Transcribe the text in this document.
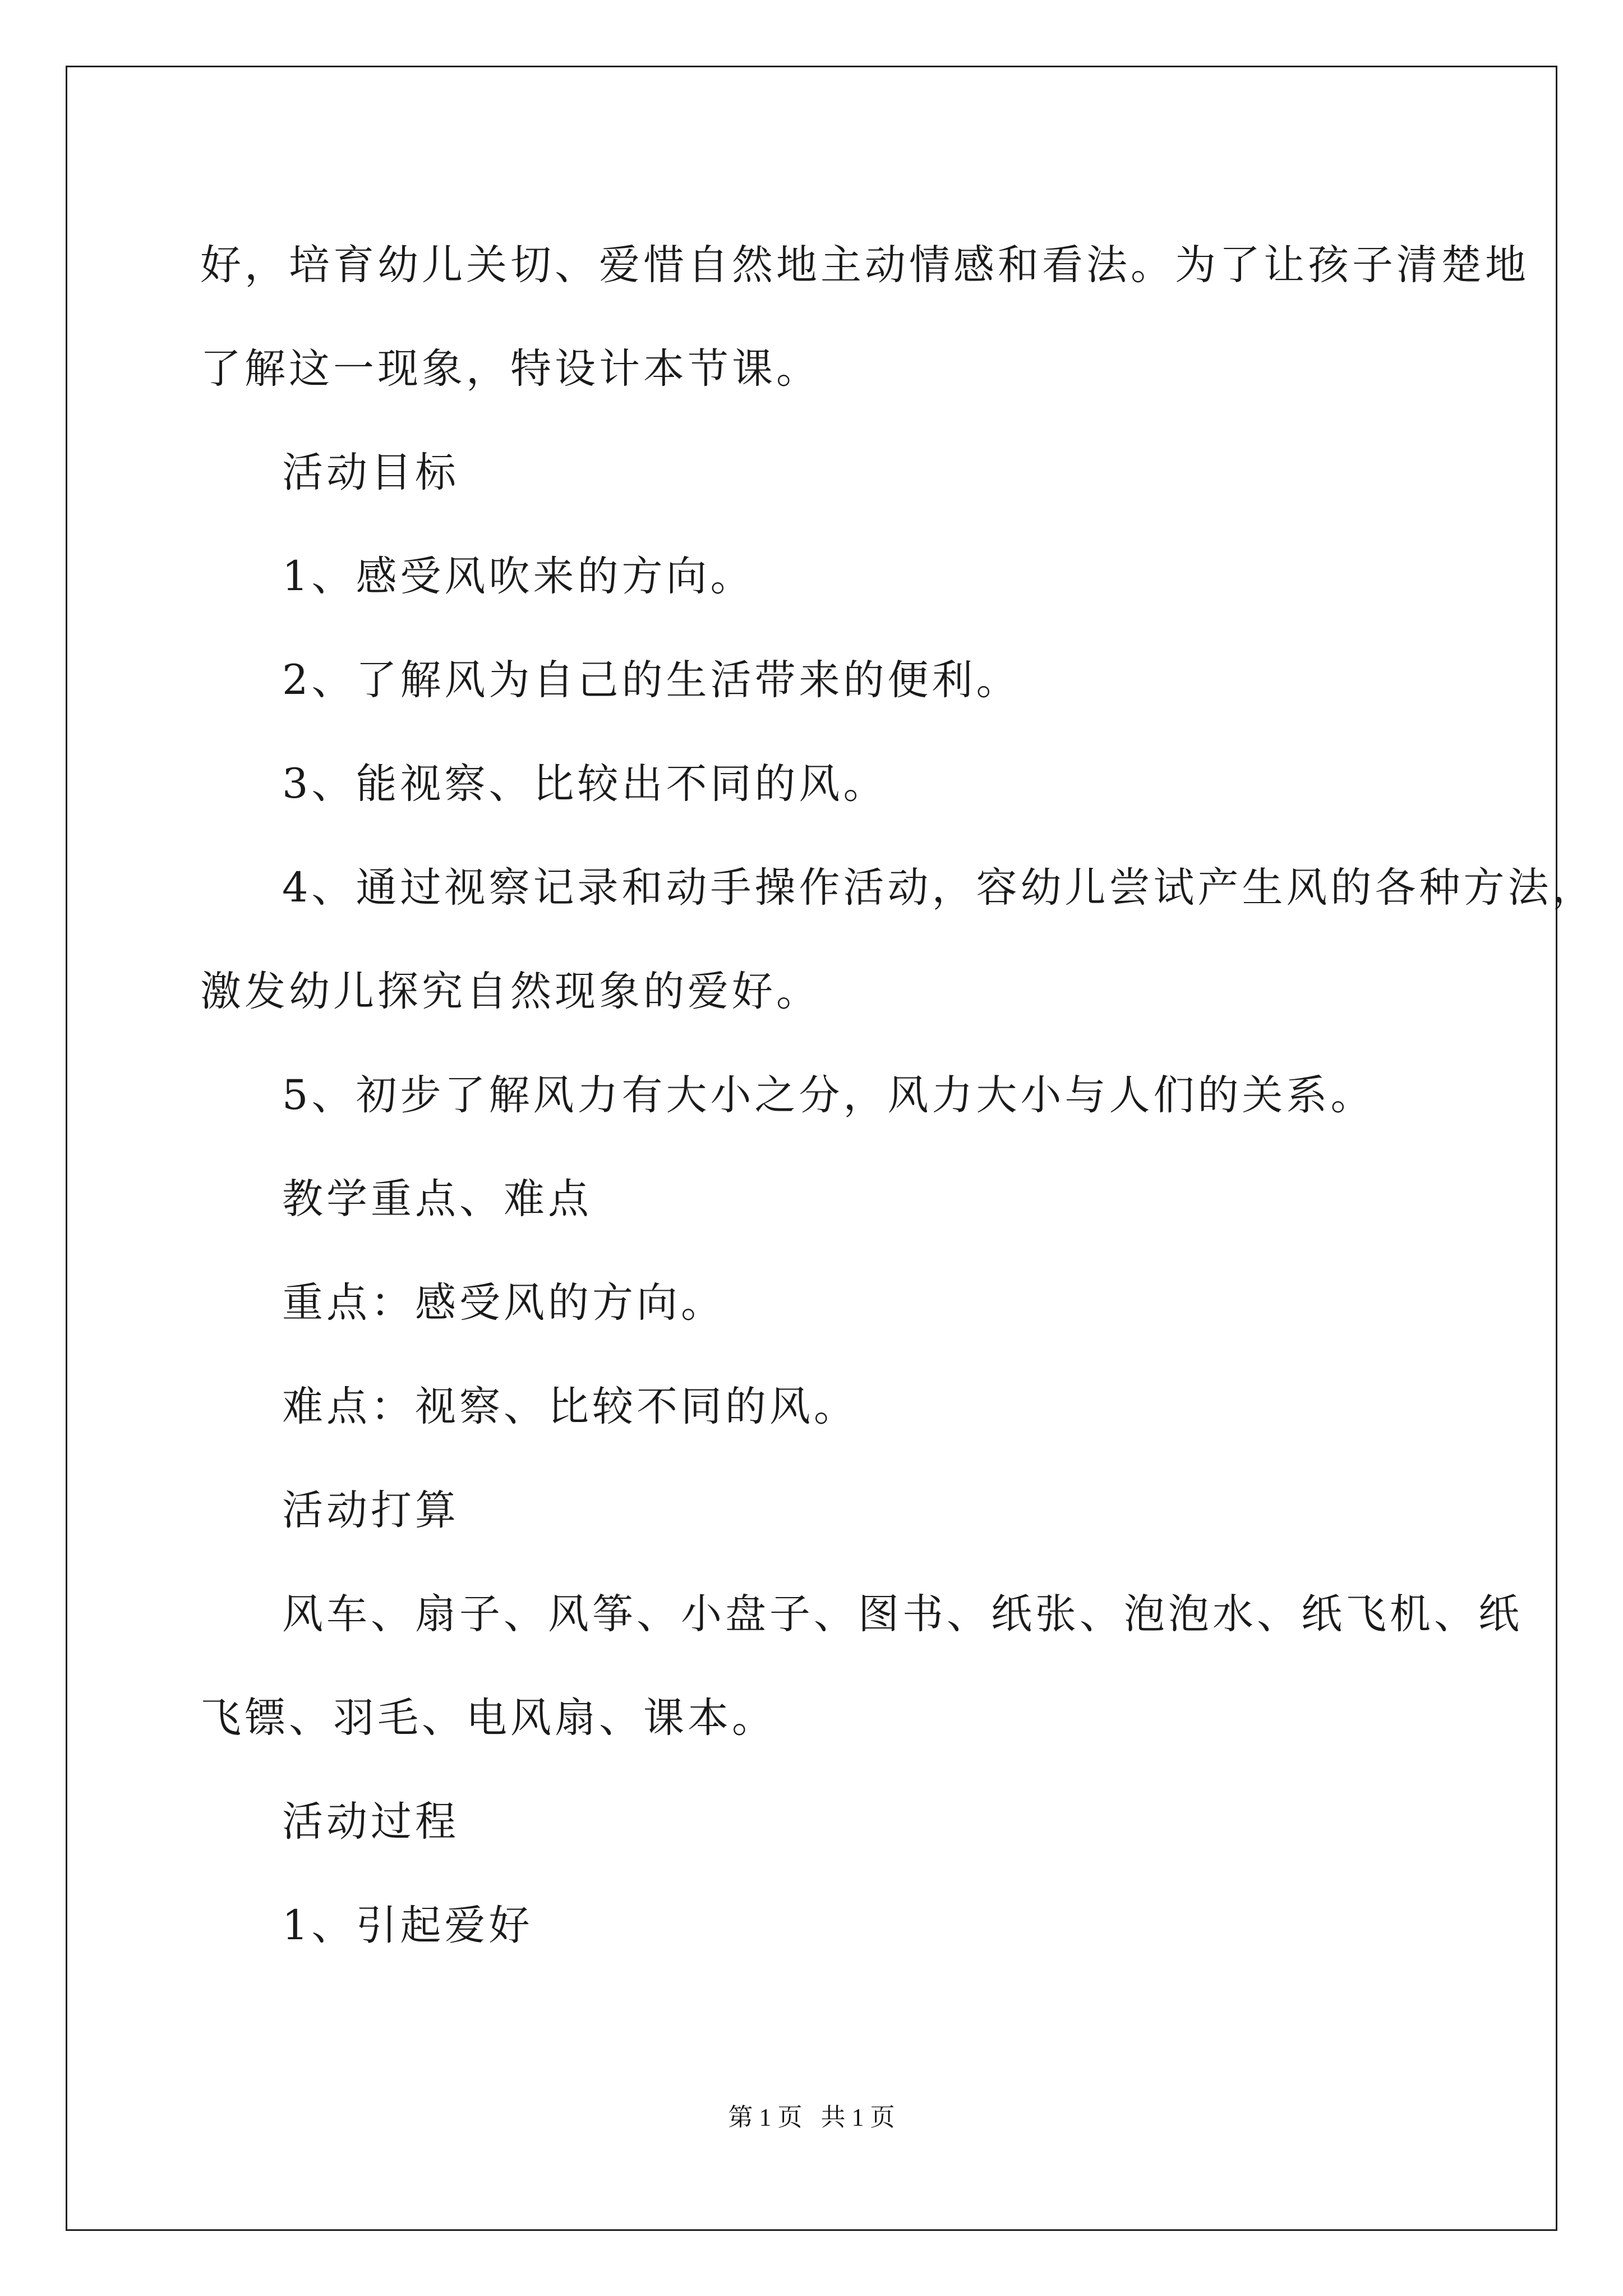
好，培育幼儿关切、爱惜自然地主动情感和看法。为了让孩子清楚地

了解这一现象，特设计本节课。

活动目标

1、感受风吹来的方向。

2、了解风为自己的生活带来的便利。

3、能视察、比较出不同的风。

4、通过视察记录和动手操作活动，容幼儿尝试产生风的各种方法，

激发幼儿探究自然现象的爱好。

5、初步了解风力有大小之分，风力大小与人们的关系。

教学重点、难点

重点：感受风的方向。

难点：视察、比较不同的风。

活动打算

风车、扇子、风筝、小盘子、图书、纸张、泡泡水、纸飞机、纸

飞镖、羽毛、电风扇、课本。

活动过程

1、引起爱好

第 1 页   共 1 页
